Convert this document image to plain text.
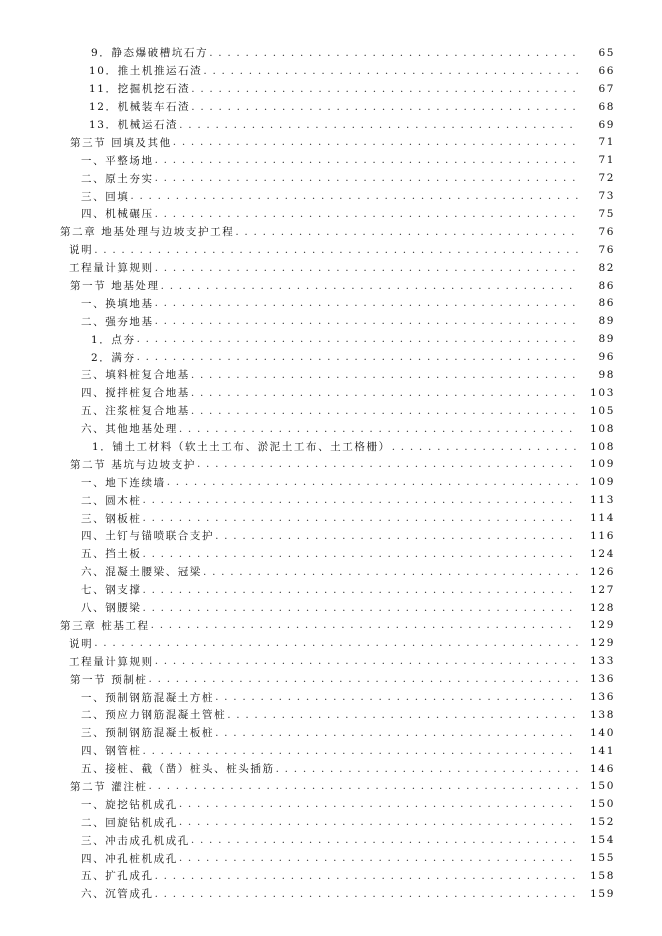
9．静态爆破槽坑石方 . . .	65
10．推土机推运石渣 . . .	66
11．挖掘机挖石渣 . . .	67
12．机械装车石渣 . . .	68
13．机械运石渣 . . .	69
第三节 回填及其他 . . .	71
一、平整场地 . . .	71
二、原土夯实 . . .	72
三、回填 . . .	73
四、机械碾压 . . .	75
第二章 地基处理与边坡支护工程 . . .	76
说明 . . .	76
工程量计算规则 . . .	82
第一节 地基处理 . . .	86
一、换填地基 . . .	86
二、强夯地基 . . .	89
1．点夯 . . .	89
2．满夯 . . .	96
三、填料桩复合地基 . . .	98
四、搅拌桩复合地基 . . .	103
五、注浆桩复合地基 . . .	105
六、其他地基处理 . . .	108
1．铺土工材料（软土土工布、淤泥土工布、土工格栅） . . .	108
第二节 基坑与边坡支护 . . .	109
一、地下连续墙 . . .	109
二、圆木桩 . . .	113
三、钢板桩 . . .	114
四、土钉与锚喷联合支护 . . .	116
五、挡土板 . . .	124
六、混凝土腰梁、冠梁 . . .	126
七、钢支撑 . . .	127
八、钢腰梁 . . .	128
第三章 桩基工程 . . .	129
说明 . . .	129
工程量计算规则 . . .	133
第一节 预制桩 . . .	136
一、预制钢筋混凝土方桩 . . .	136
二、预应力钢筋混凝土管桩 . . .	138
三、预制钢筋混凝土板桩 . . .	140
四、钢管桩 . . .	141
五、接桩、截（凿）桩头、桩头插筋 . . .	146
第二节 灌注桩 . . .	150
一、旋挖钻机成孔 . . .	150
二、回旋钻机成孔 . . .	152
三、冲击成孔机成孔 . . .	154
四、冲孔桩机成孔 . . .	155
五、扩孔成孔 . . .	158
六、沉管成孔 . . .	159
